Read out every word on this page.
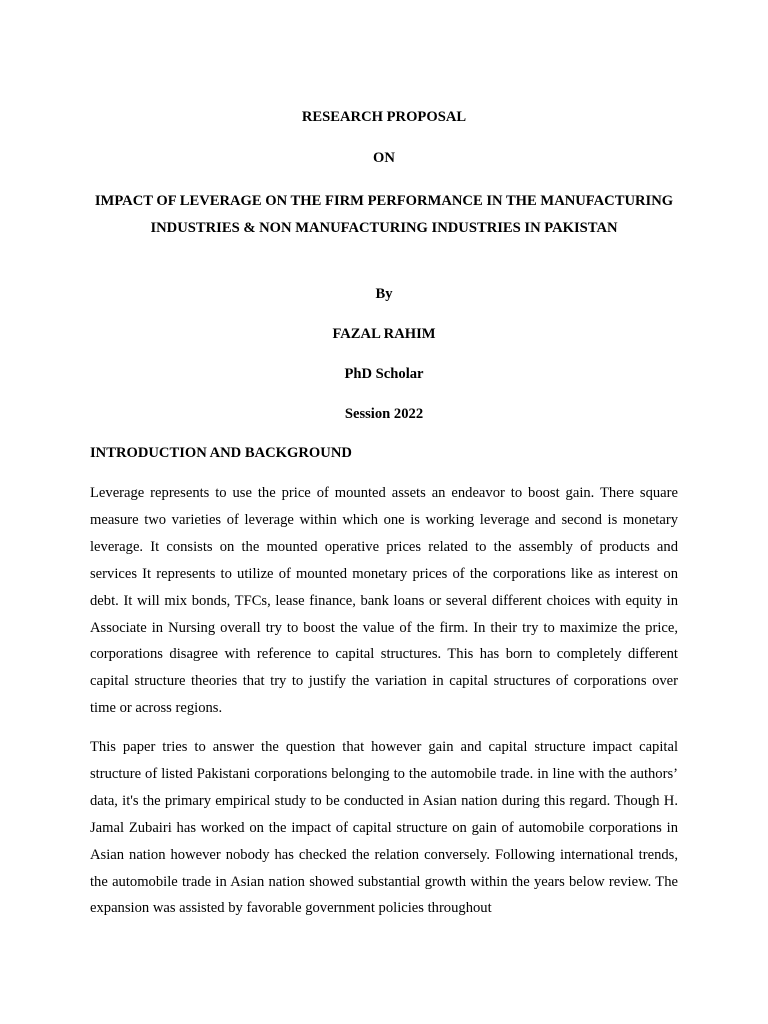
RESEARCH PROPOSAL

ON

IMPACT OF LEVERAGE ON THE FIRM PERFORMANCE IN THE MANUFACTURING INDUSTRIES & NON MANUFACTURING INDUSTRIES IN PAKISTAN

By

FAZAL RAHIM

PhD Scholar

Session 2022

INTRODUCTION AND BACKGROUND

Leverage represents to use the price of mounted assets an endeavor to boost gain. There square measure two varieties of leverage within which one is working leverage and second is monetary leverage. It consists on the mounted operative prices related to the assembly of products and services It represents to utilize of mounted monetary prices of the corporations like as interest on debt. It will mix bonds, TFCs, lease finance, bank loans or several different choices with equity in Associate in Nursing overall try to boost the value of the firm. In their try to maximize the price, corporations disagree with reference to capital structures. This has born to completely different capital structure theories that try to justify the variation in capital structures of corporations over time or across regions.

This paper tries to answer the question that however gain and capital structure impact capital structure of listed Pakistani corporations belonging to the automobile trade. in line with the authors’ data, it's the primary empirical study to be conducted in Asian nation during this regard. Though H. Jamal Zubairi has worked on the impact of capital structure on gain of automobile corporations in Asian nation however nobody has checked the relation conversely. Following international trends, the automobile trade in Asian nation showed substantial growth within the years below review. The expansion was assisted by favorable government policies throughout
